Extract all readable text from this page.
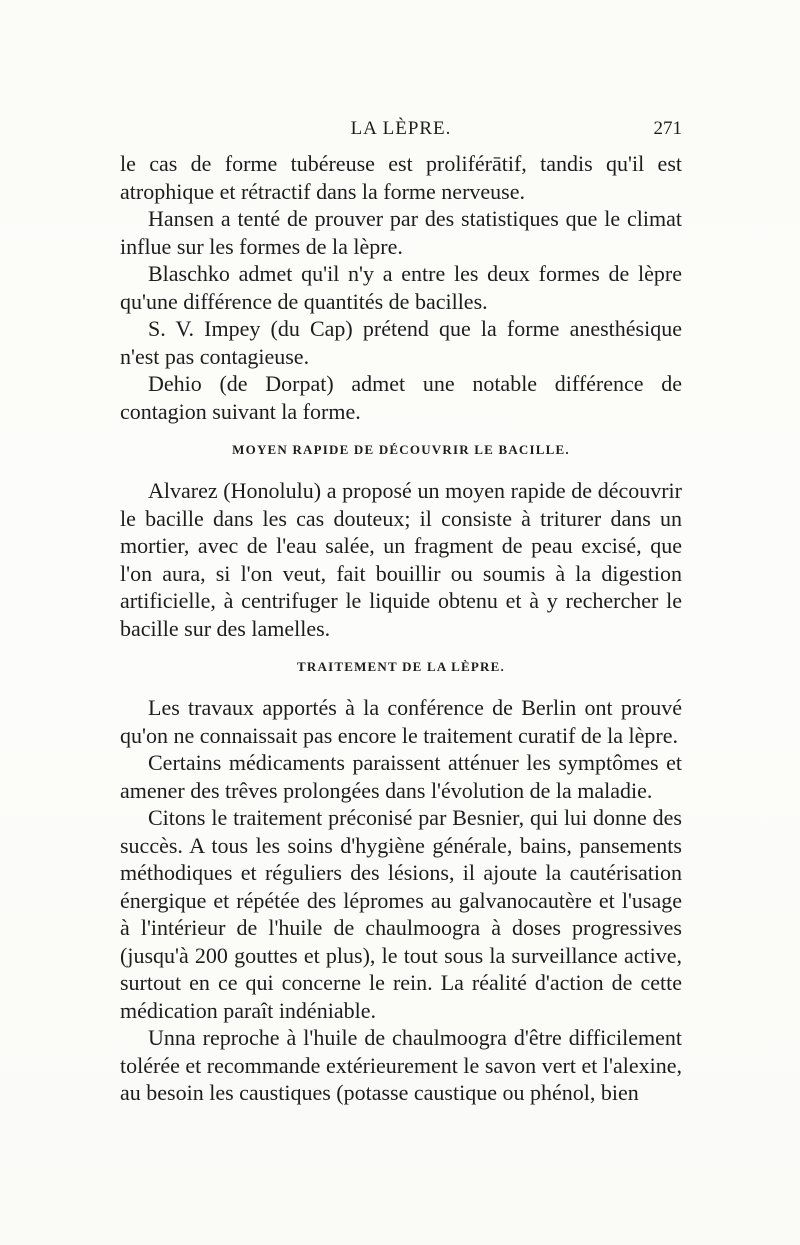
LA LÈPRE.	271

le cas de forme tubéreuse est proliférātif, tandis qu'il est atrophique et rétractif dans la forme nerveuse.

Hansen a tenté de prouver par des statistiques que le climat influe sur les formes de la lèpre.

Blaschko admet qu'il n'y a entre les deux formes de lèpre qu'une différence de quantités de bacilles.

S. V. Impey (du Cap) prétend que la forme anesthésique n'est pas contagieuse.

Dehio (de Dorpat) admet une notable différence de contagion suivant la forme.

MOYEN RAPIDE DE DÉCOUVRIR LE BACILLE.

Alvarez (Honolulu) a proposé un moyen rapide de découvrir le bacille dans les cas douteux; il consiste à triturer dans un mortier, avec de l'eau salée, un fragment de peau excisé, que l'on aura, si l'on veut, fait bouillir ou soumis à la digestion artificielle, à centrifuger le liquide obtenu et à y rechercher le bacille sur des lamelles.

TRAITEMENT DE LA LÈPRE.

Les travaux apportés à la conférence de Berlin ont prouvé qu'on ne connaissait pas encore le traitement curatif de la lèpre.

Certains médicaments paraissent atténuer les symptômes et amener des trêves prolongées dans l'évolution de la maladie.

Citons le traitement préconisé par Besnier, qui lui donne des succès. A tous les soins d'hygiène générale, bains, pansements méthodiques et réguliers des lésions, il ajoute la cautérisation énergique et répétée des lépromes au galvanocautère et l'usage à l'intérieur de l'huile de chaulmoogra à doses progressives (jusqu'à 200 gouttes et plus), le tout sous la surveillance active, surtout en ce qui concerne le rein. La réalité d'action de cette médication paraît indéniable.

Unna reproche à l'huile de chaulmoogra d'être difficilement tolérée et recommande extérieurement le savon vert et l'alexine, au besoin les caustiques (potasse caustique ou phénol, bien
